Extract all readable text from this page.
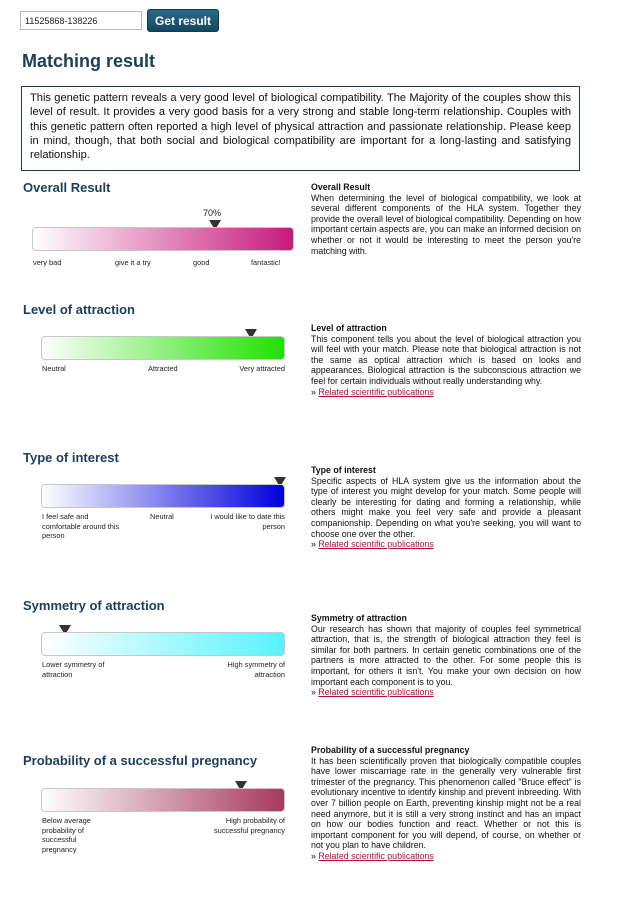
11525868-138226
Get result
Matching result
This genetic pattern reveals a very good level of biological compatibility. The Majority of the couples show this level of result. It provides a very good basis for a very strong and stable long-term relationship. Couples with this genetic pattern often reported a high level of physical attraction and passionate relationship. Please keep in mind, though, that both social and biological compatibility are important for a long-lasting and satisfying relationship.
Overall Result
70%
very bad	give it a try	good	fantastic!
Overall Result
When determining the level of biological compatibility, we look at several different components of the HLA system. Together they provide the overall level of biological compatibility. Depending on how important certain aspects are, you can make an informed decision on whether or not it would be interesting to meet the person you're matching with.
Level of attraction
Neutral	Attracted	Very attracted
Level of attraction
This component tells you about the level of biological attraction you will feel with your match. Please note that biological attraction is not the same as optical attraction which is based on looks and appearances. Biological attraction is the subconscious attraction we feel for certain individuals without really understanding why.
» Related scientific publications
Type of interest
I feel safe and comfortable around this person
Neutral	I would like to date this person
Type of interest
Specific aspects of HLA system give us the information about the type of interest you might develop for your match. Some people will clearly be interesting for dating and forming a relationship, while others might make you feel very safe and provide a pleasant companionship. Depending on what you're seeking, you will want to choose one over the other.
» Related scientific publications
Symmetry of attraction
Lower symmetry of attraction
High symmetry of attraction
Symmetry of attraction
Our research has shown that majority of couples feel symmetrical attraction, that is, the strength of biological attraction they feel is similar for both partners. In certain genetic combinations one of the partners is more attracted to the other. For some people this is important, for others it isn't. You make your own decision on how important each component is to you.
» Related scientific publications
Probability of a successful pregnancy
Below average probability of successful pregnancy
High probability of successful pregnancy
Probability of a successful pregnancy
It has been scientifically proven that biologically compatible couples have lower miscarriage rate in the generally very vulnerable first trimester of the pregnancy. This phenomenon called "Bruce effect" is evolutionary incentive to identify kinship and prevent inbreeding. With over 7 billion people on Earth, preventing kinship might not be a real need anymore, but it is still a very strong instinct and has an impact on how our bodies function and react. Whether or not this is important component for you will depend, of course, on whether or not you plan to have children.
» Related scientific publications
